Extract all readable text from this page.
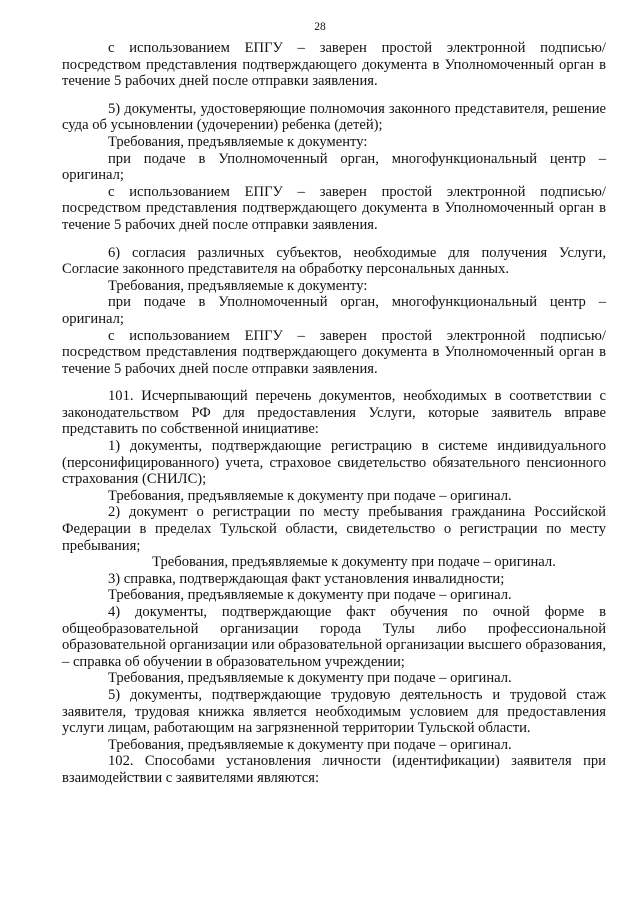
28

с использованием ЕПГУ – заверен простой электронной подписью/ посредством представления подтверждающего документа в Уполномоченный орган в течение 5 рабочих дней после отправки заявления.

5) документы, удостоверяющие полномочия законного представителя, решение суда об усыновлении (удочерении) ребенка (детей);

Требования, предъявляемые к документу:

при подаче в Уполномоченный орган, многофункциональный центр – оригинал;

с использованием ЕПГУ – заверен простой электронной подписью/ посредством представления подтверждающего документа в Уполномоченный орган в течение 5 рабочих дней после отправки заявления.

6) согласия различных субъектов, необходимые для получения Услуги, Согласие законного представителя на обработку персональных данных.

Требования, предъявляемые к документу:

при подаче в Уполномоченный орган, многофункциональный центр – оригинал;

с использованием ЕПГУ – заверен простой электронной подписью/ посредством представления подтверждающего документа в Уполномоченный орган в течение 5 рабочих дней после отправки заявления.

101. Исчерпывающий перечень документов, необходимых в соответствии с законодательством РФ для предоставления Услуги, которые заявитель вправе представить по собственной инициативе:

1) документы, подтверждающие регистрацию в системе индивидуального (персонифицированного) учета, страховое свидетельство обязательного пенсионного страхования (СНИЛС);

Требования, предъявляемые к документу при подаче – оригинал.

2) документ о регистрации по месту пребывания гражданина Российской Федерации в пределах Тульской области, свидетельство о регистрации по месту пребывания;

Требования, предъявляемые к документу при подаче – оригинал.

3) справка, подтверждающая факт установления инвалидности;

Требования, предъявляемые к документу при подаче – оригинал.

4) документы, подтверждающие факт обучения по очной форме в общеобразовательной организации города Тулы либо профессиональной образовательной организации или образовательной организации высшего образования, – справка об обучении в образовательном учреждении;

Требования, предъявляемые к документу при подаче – оригинал.

5) документы, подтверждающие трудовую деятельность и трудовой стаж заявителя, трудовая книжка является необходимым условием для предоставления услуги лицам, работающим на загрязненной территории Тульской области.

Требования, предъявляемые к документу при подаче – оригинал.

102. Способами установления личности (идентификации) заявителя при взаимодействии с заявителями являются:
